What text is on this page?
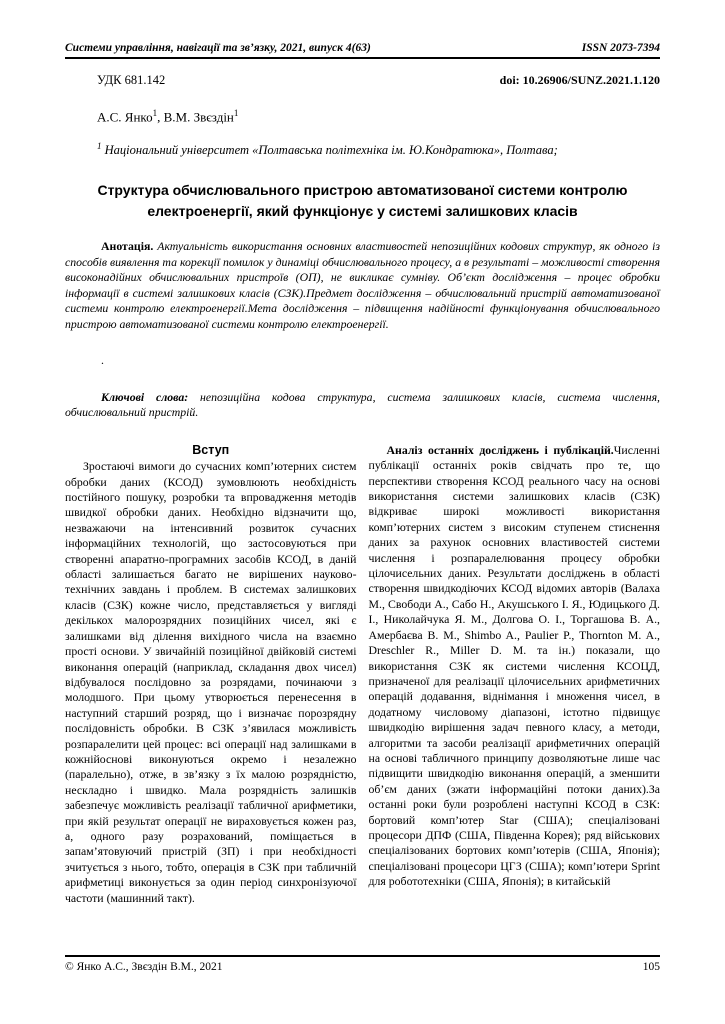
Системи управління, навігації та зв’язку, 2021, випуск 4(63)	ISSN 2073-7394
УДК 681.142	doi: 10.26906/SUNZ.2021.1.120
А.С. Янко$^1$, В.М. Звєздін$^1$
$^1$ Національний університет «Полтавська політехніка ім. Ю.Кондратюка», Полтава;
Структура обчислювального пристрою автоматизованої системи контролю електроенергії, який функціонує у системі залишкових класів

Анотація. Актуальність використання основних властивостей непозиційних кодових структур, як одного із способів виявлення та корекції помилок у динаміці обчислювального процесу, а в результаті – можливості створення високонадійних обчислювальних пристроїв (ОП), не викликає сумніву. Об’єкт дослідження – процес обробки інформації в системі залишкових класів (СЗК).Предмет дослідження – обчислювальний пристрій автоматизованої системи контролю електроенергії.Мета дослідження – підвищення надійності функціонування обчислювального пристрою автоматизованої системи контролю електроенергії.

.

Ключові слова: непозиційна кодова структура, система залишкових класів, система числення, обчислювальний пристрій.

Вступ

Зростаючі вимоги до сучасних комп’ютерних систем обробки даних (КСОД) зумовлюють необхідність постійного пошуку, розробки та впровадження методів швидкої обробки даних. Необхідно відзначити що, незважаючи на інтенсивний розвиток сучасних інформаційних технологій, що застосовуються при створенні апаратно-програмних засобів КСОД, в даній області залишається багато не вирішених науково-технічних завдань і проблем. В системах залишкових класів (СЗК) кожне число, представляється у вигляді декількох малорозрядних позиційних чисел, які є залишками від ділення вихідного числа на взаємно прості основи. У звичайній позиційної двійковій системі виконання операцій (наприклад, складання двох чисел) відбувалося послідовно за розрядами, починаючи з молодшого. При цьому утворюється перенесення в наступний старший розряд, що і визначає порозрядну послідовність обробки. В СЗК з’явилася можливість розпаралелити цей процес: всі операції над залишками в кожнійоснові виконуються окремо і незалежно (паралельно), отже, в зв’язку з їх малою розрядністю, нескладно і швидко. Мала розрядність залишків забезпечує можливість реалізації табличної арифметики, при якій результат операції не вираховується кожен раз, а, одного разу розрахований, поміщається в запам’ятовуючий пристрій (ЗП) і при необхідності зчитується з нього, тобто, операція в СЗК при табличній арифметиці виконується за один період синхронізуючої частоти (машинний такт).

Аналіз останніх досліджень і публікацій.Численні публікації останніх років свідчать про те, що перспективи створення КСОД реального часу на основі використання системи залишкових класів (СЗК) відкриває широкі можливості використання комп’ютерних систем з високим ступенем стиснення даних за рахунок основних властивостей системи числення і розпаралелювання процесу обробки цілочисельних даних. Результати досліджень в області створення швидкодіючих КСОД відомих авторів (Валаха М., Свободи А., Сабо Н., Акушського І. Я., Юдицького Д. І., Николайчука Я. М., Долгова О. І., Торгашова В. А., Амербаєва В. М., Shimbo A., Paulier P., Thornton M. A., Dreschler R., Miller D. M. та ін.) показали, що використання СЗК як системи числення КСОЦД, призначеної для реалізації цілочисельних арифметичних операцій додавання, віднімання і множення чисел, в додатному числовому діапазоні, істотно підвищує швидкодію вирішення задач певного класу, а методи, алгоритми та засоби реалізації арифметичних операцій на основі табличного принципу дозволяютьне лише час підвищити швидкодію виконання операцій, а зменшити об’єм даних (зжати інформаційні потоки даних).За останні роки були розроблені наступні КСОД в СЗК: бортовий комп’ютер Star (США); спеціалізовані процесори ДПФ (США, Південна Корея); ряд військових спеціалізованих бортових комп’ютерів (США, Японія); спеціалізовані процесори ЦГЗ (США); комп’ютери Sprint для робототехніки (США, Японія); в китайській

© Янко А.С., Звєздін В.М., 2021	105
